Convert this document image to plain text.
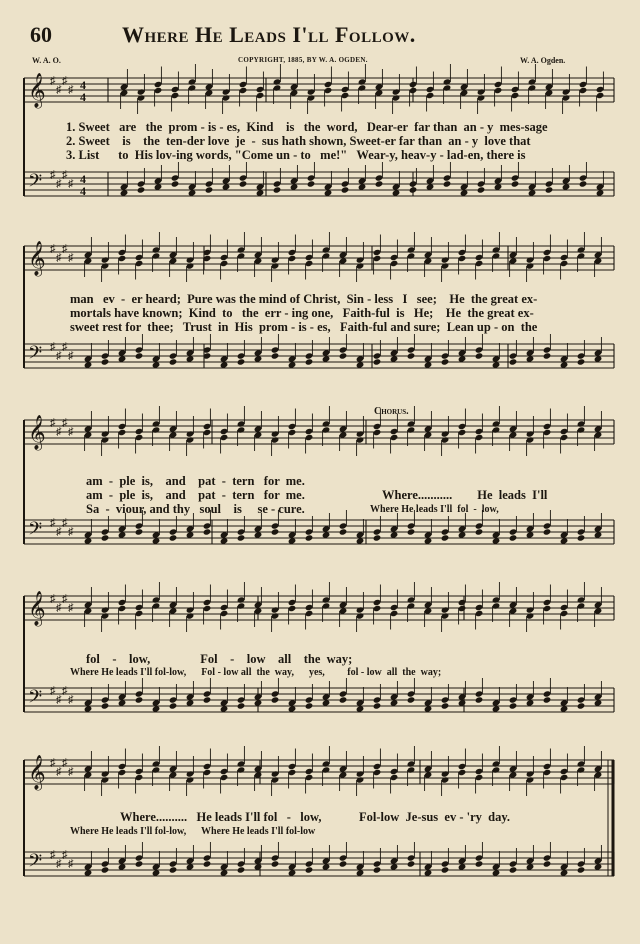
60	Where He Leads I'll Follow.
W. A. O.	COPYRIGHT, 1885, BY W. A. OGDEN.	W. A. Ogden.
𝄞 ♯
♯
♯
♯
𝄢 ♯
♯
♯
♯
4
4
4
4
𝄞 ♯
♯
♯
♯
𝄢 ♯
♯
♯
♯
𝄞 ♯
♯
♯
♯
𝄢 ♯
♯
♯
♯
𝄞 ♯
♯
♯
♯
𝄢 ♯
♯
♯
♯
𝄞 ♯
♯
♯
♯
𝄢 ♯
♯
♯
♯
1. Sweet   are   the  prom - is - es,  Kind    is   the  word,   Dear-er  far than  an - y  mes-sage
2. Sweet    is    the  ten-der love  je  -  sus hath shown, Sweet-er far than  an - y  love that
3. List      to  His lov-ing words, "Come un - to   me!"   Wear-y, heav-y - lad-en, there is
man   ev  -  er heard;  Pure was the mind of Christ,  Sin - less   I   see;    He  the great ex-
mortals have known;  Kind  to   the  err - ing one,   Faith-ful  is   He;    He  the great ex-
sweet rest for  thee;   Trust  in  His  prom - is - es,   Faith-ful and sure;  Lean up - on  the
Chorus.
am  -  ple  is,    and    pat  -  tern   for  me.
am  -  ple  is,    and    pat  -  tern   for  me.
Sa  -  viour, and thy   soul    is     se - cure.
Where...........        He  leads  I'll
Where He leads I'll  fol  -  low,
fol    -    low,                Fol    -    low    all    the  way;
Where He leads I'll fol-low,      Fol - low all  the  way,      yes,         fol - low  all  the  way;
Where..........   He leads I'll fol   -   low,            Fol-low  Je-sus  ev - 'ry  day.
Where He leads I'll fol-low,      Where He leads I'll fol-low
